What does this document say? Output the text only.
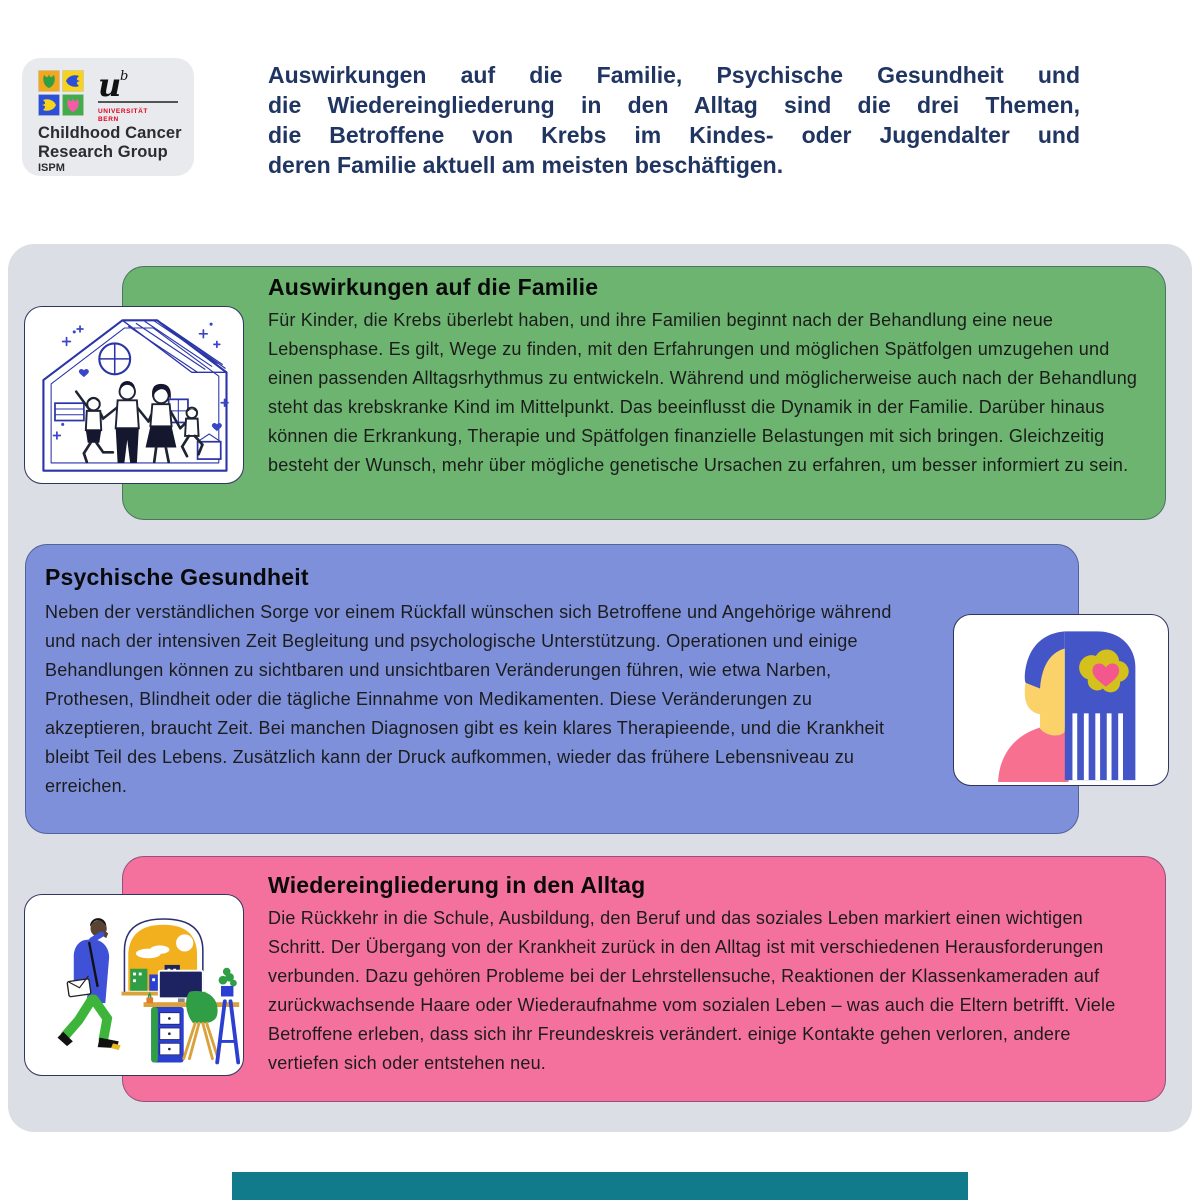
u
b
UNIVERSITÄT
BERN
Childhood Cancer Research Group
ISPM
Auswirkungen auf die Familie, Psychische Gesundheit und
die Wiedereingliederung in den Alltag sind die drei Themen,
die Betroffene von Krebs im Kindes- oder Jugendalter und
deren Familie aktuell am meisten beschäftigen.
Auswirkungen auf die Familie
Für Kinder, die Krebs überlebt haben, und ihre Familien beginnt nach der Behandlung eine neue Lebensphase. Es gilt, Wege zu finden, mit den Erfahrungen und möglichen Spätfolgen umzugehen und einen passenden Alltagsrhythmus zu entwickeln. Während und möglicherweise auch nach der Behandlung steht das krebskranke Kind im Mittelpunkt. Das beeinflusst die Dynamik in der Familie. Darüber hinaus können die Erkrankung, Therapie und Spätfolgen finanzielle Belastungen mit sich bringen. Gleichzeitig besteht der Wunsch, mehr über mögliche genetische Ursachen zu erfahren, um besser informiert zu sein.
Psychische Gesundheit
Neben der verständlichen Sorge vor einem Rückfall wünschen sich Betroffene und Angehörige während und nach der intensiven Zeit Begleitung und psychologische Unterstützung. Operationen und einige Behandlungen können zu sichtbaren und unsichtbaren Veränderungen führen, wie etwa Narben, Prothesen, Blindheit oder die tägliche Einnahme von Medikamenten. Diese Veränderungen zu akzeptieren, braucht Zeit. Bei manchen Diagnosen gibt es kein klares Therapieende, und die Krankheit bleibt Teil des Lebens. Zusätzlich kann der Druck aufkommen, wieder das frühere Lebensniveau zu erreichen.
Wiedereingliederung in den Alltag
Die Rückkehr in die Schule, Ausbildung, den Beruf und das soziales Leben markiert einen wichtigen Schritt. Der Übergang von der Krankheit zurück in den Alltag ist mit verschiedenen Herausforderungen verbunden. Dazu gehören Probleme bei der Lehrstellensuche, Reaktionen der Klassenkameraden auf zurückwachsende Haare oder Wiederaufnahme vom sozialen Leben – was auch die Eltern betrifft. Viele Betroffene erleben, dass sich ihr Freundeskreis verändert. einige Kontakte gehen verloren, andere vertiefen sich oder entstehen neu.
